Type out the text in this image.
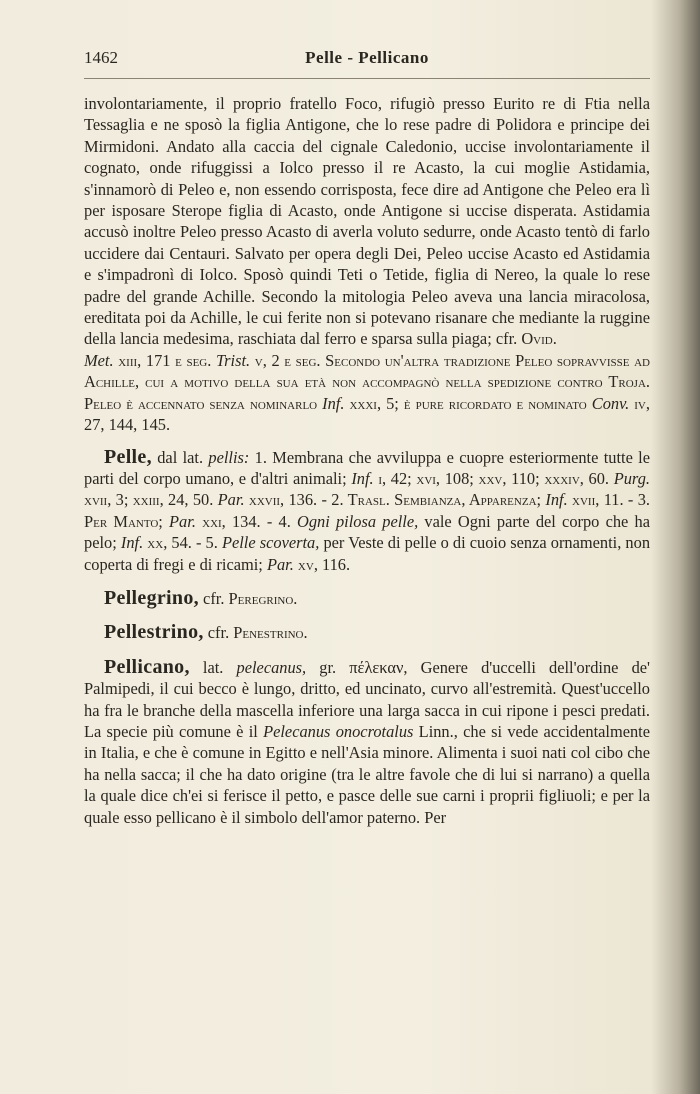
1462	Pelle - Pellicano

involontariamente, il proprio fratello Foco, rifugiò presso Eurito re di Ftia nella Tessaglia e ne sposò la figlia Antigone, che lo rese padre di Polidora e principe dei Mirmidoni. Andato alla caccia del cignale Caledonio, uccise involontariamente il cognato, onde rifuggissi a Iolco presso il re Acasto, la cui moglie Astidamia, s'innamorò di Peleo e, non essendo corrisposta, fece dire ad Antigone che Peleo era lì per isposare Sterope figlia di Acasto, onde Antigone si uccise disperata. Astidamia accusò inoltre Peleo presso Acasto di averla voluto sedurre, onde Acasto tentò di farlo uccidere dai Centauri. Salvato per opera degli Dei, Peleo uccise Acasto ed Astidamia e s'impadronì di Iolco. Sposò quindi Teti o Tetide, figlia di Nereo, la quale lo rese padre del grande Achille. Secondo la mitologia Peleo aveva una lancia miracolosa, ereditata poi da Achille, le cui ferite non si potevano risanare che mediante la ruggine della lancia medesima, raschiata dal ferro e sparsa sulla piaga; cfr. Ovid.
Met. xiii, 171 e seg. Trist. v, 2 e seg. Secondo un'altra tradizione Peleo sopravvisse ad Achille, cui a motivo della sua età non accompagnò nella spedizione contro Troja. Peleo è accennato senza nominarlo Inf. xxxi, 5; è pure ricordato e nominato Conv. iv, 27, 144, 145.

Pelle, dal lat. pellis: 1. Membrana che avviluppa e cuopre esteriormente tutte le parti del corpo umano, e d'altri animali; Inf. i, 42; xvi, 108; xxv, 110; xxxiv, 60. Purg. xvii, 3; xxiii, 24, 50. Par. xxvii, 136. - 2. Trasl. Sembianza, Apparenza; Inf. xvii, 11. - 3. Per Manto; Par. xxi, 134. - 4. Ogni pilosa pelle, vale Ogni parte del corpo che ha pelo; Inf. xx, 54. - 5. Pelle scoverta, per Veste di pelle o di cuoio senza ornamenti, non coperta di fregi e di ricami; Par. xv, 116.

Pellegrino, cfr. Peregrino.

Pellestrino, cfr. Penestrino.

Pellicano, lat. pelecanus, gr. πέλεκαν, Genere d'uccelli dell'ordine de' Palmipedi, il cui becco è lungo, dritto, ed uncinato, curvo all'estremità. Quest'uccello ha fra le branche della mascella inferiore una larga sacca in cui ripone i pesci predati. La specie più comune è il Pelecanus onocrotalus Linn., che si vede accidentalmente in Italia, e che è comune in Egitto e nell'Asia minore. Alimenta i suoi nati col cibo che ha nella sacca; il che ha dato origine (tra le altre favole che di lui si narrano) a quella la quale dice ch'ei si ferisce il petto, e pasce delle sue carni i proprii figliuoli; e per la quale esso pellicano è il simbolo dell'amor paterno. Per
